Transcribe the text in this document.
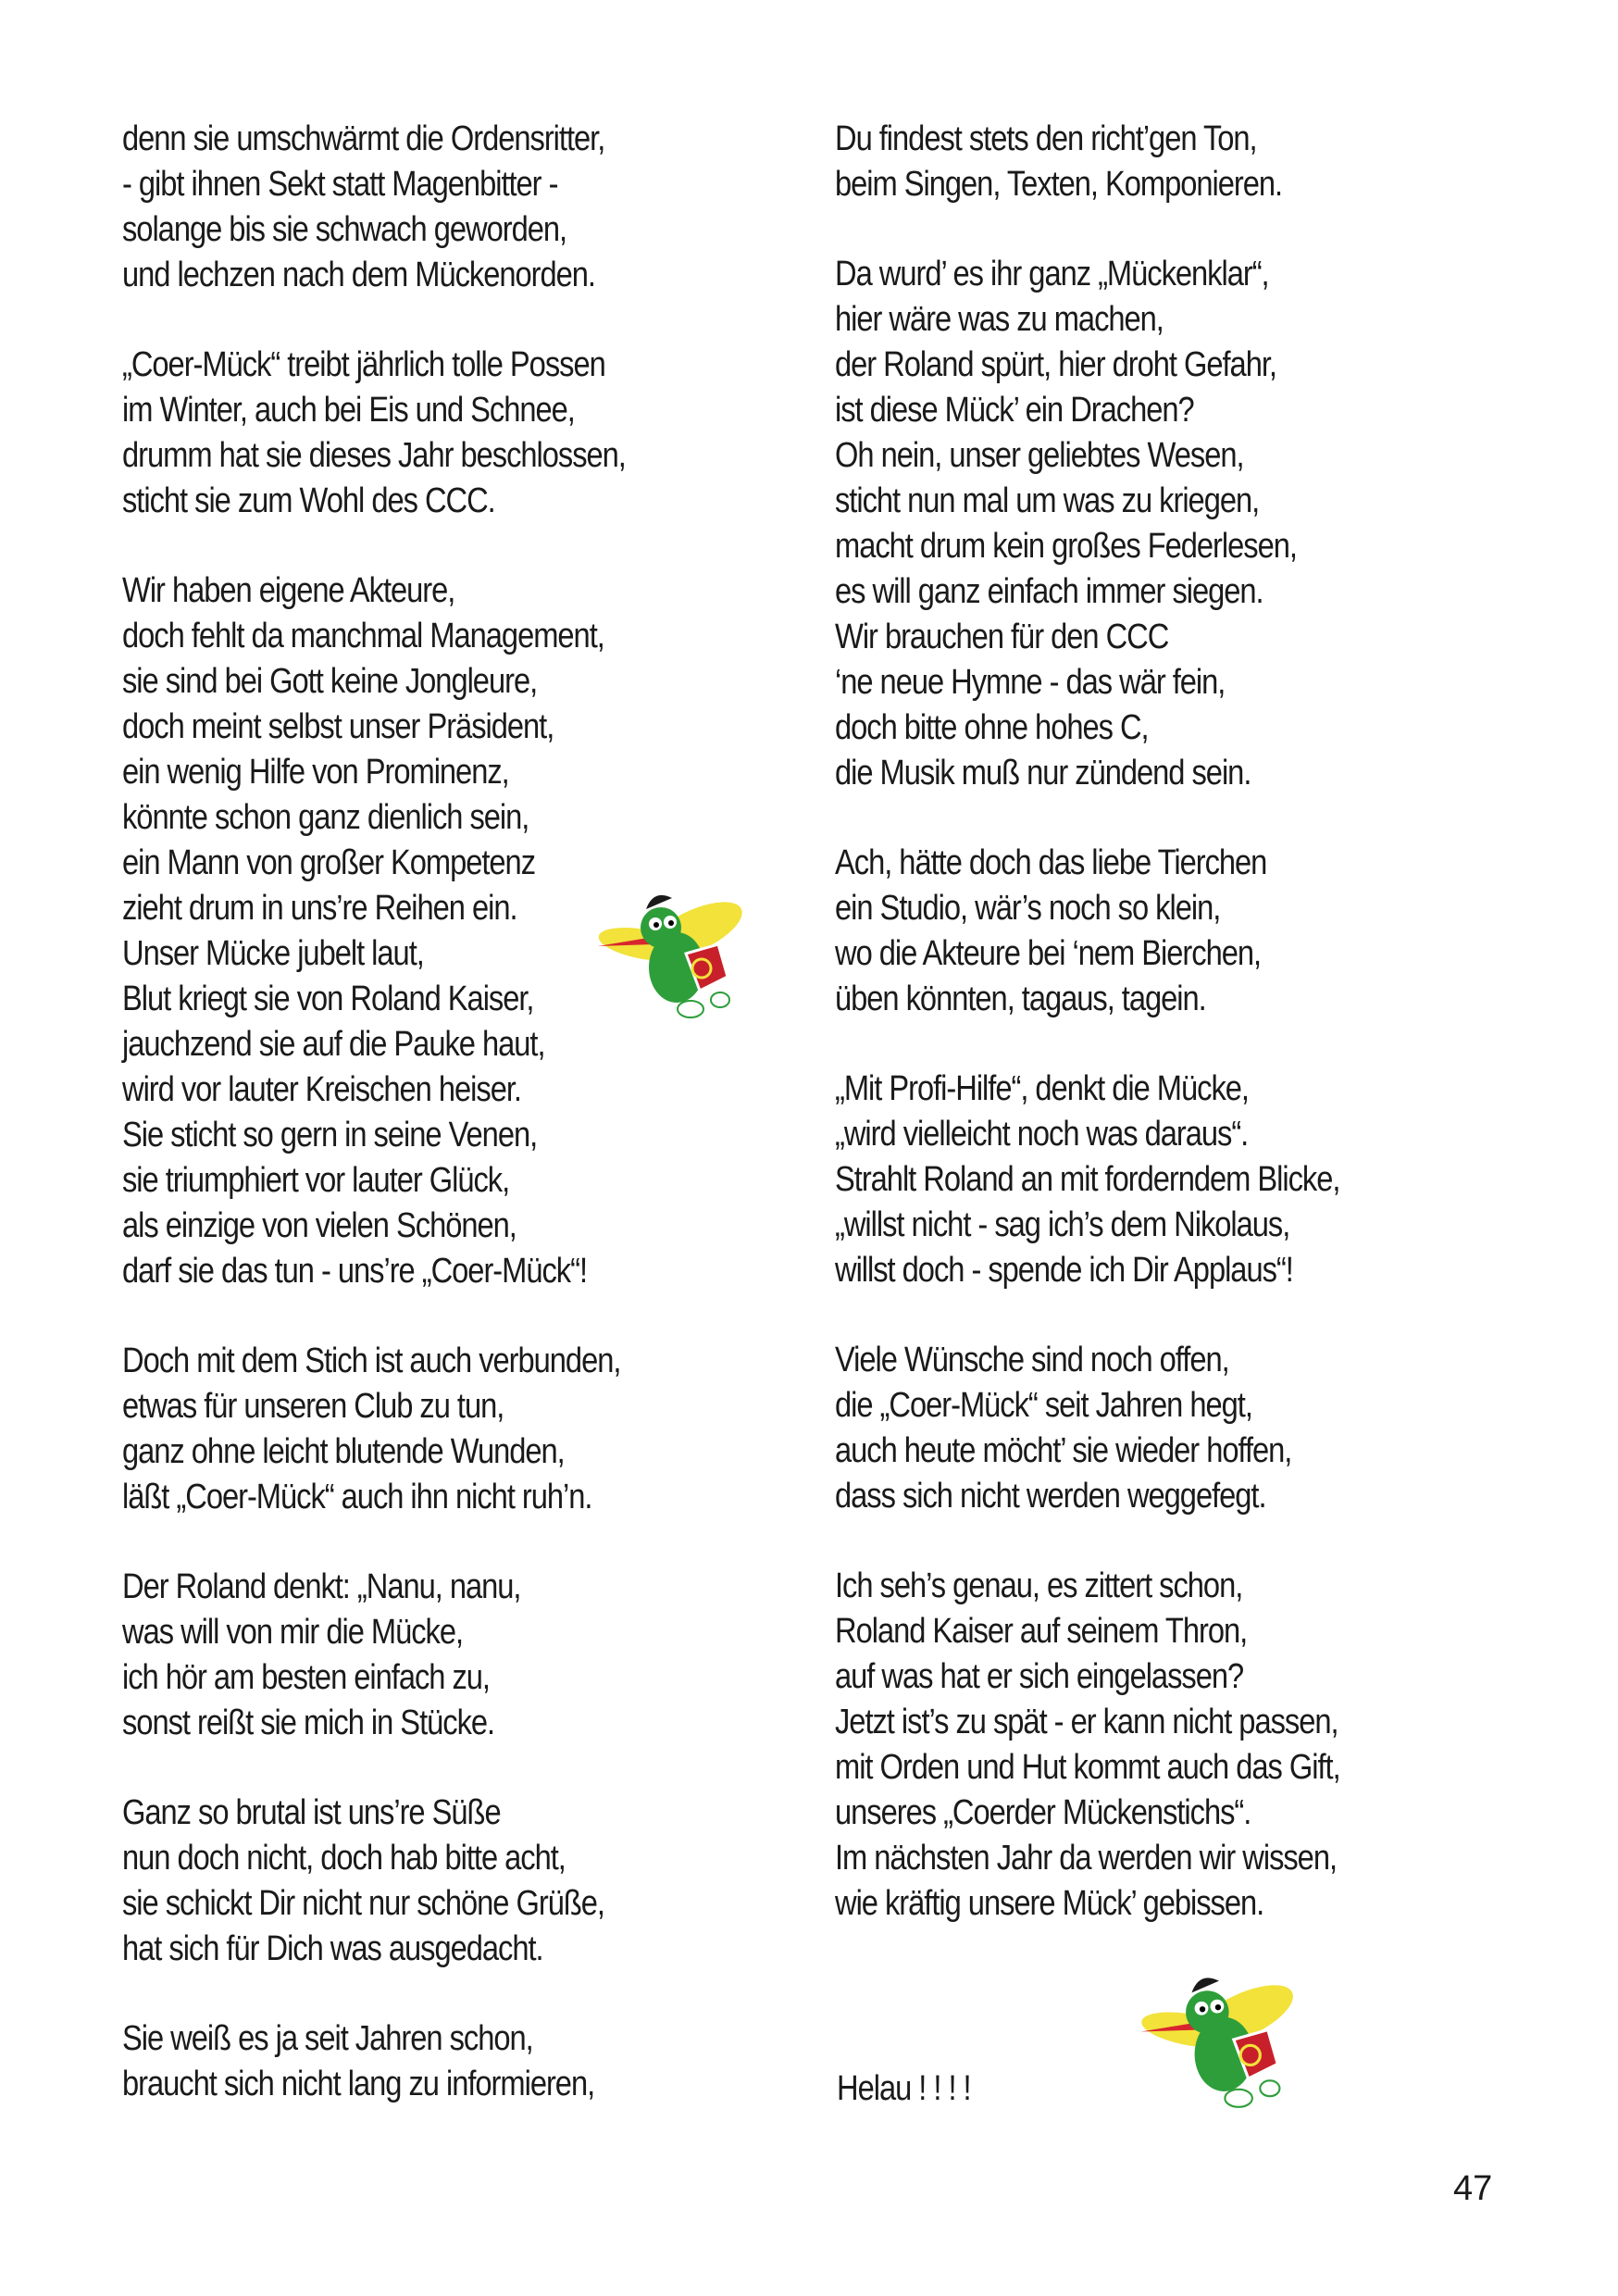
denn sie umschwärmt die Ordensritter,
- gibt ihnen Sekt statt Magenbitter -
solange bis sie schwach geworden,
und lechzen nach dem Mückenorden.
„Coer-Mück“ treibt jährlich tolle Possen
im Winter, auch bei Eis und Schnee,
drumm hat sie dieses Jahr beschlossen,
sticht sie zum Wohl des CCC.
Wir haben eigene Akteure,
doch fehlt da manchmal Management,
sie sind bei Gott keine Jongleure,
doch meint selbst unser Präsident,
ein wenig Hilfe von Prominenz,
könnte schon ganz dienlich sein,
ein Mann von großer Kompetenz
zieht drum in uns’re Reihen ein.
Unser Mücke jubelt laut,
Blut kriegt sie von Roland Kaiser,
jauchzend sie auf die Pauke haut,
wird vor lauter Kreischen heiser.
Sie sticht so gern in seine Venen,
sie triumphiert vor lauter Glück,
als einzige von vielen Schönen,
darf sie das tun - uns’re „Coer-Mück“!
Doch mit dem Stich ist auch verbunden,
etwas für unseren Club zu tun,
ganz ohne leicht blutende Wunden,
läßt „Coer-Mück“ auch ihn nicht ruh’n.
Der Roland denkt: „Nanu, nanu,
was will von mir die Mücke,
ich hör am besten einfach zu,
sonst reißt sie mich in Stücke.
Ganz so brutal ist uns’re Süße
nun doch nicht, doch hab bitte acht,
sie schickt Dir nicht nur schöne Grüße,
hat sich für Dich was ausgedacht.
Sie weiß es ja seit Jahren schon,
braucht sich nicht lang zu informieren,
Du findest stets den richt’gen Ton,
beim Singen, Texten, Komponieren.
Da wurd’ es ihr ganz „Mückenklar“,
hier wäre was zu machen,
der Roland spürt, hier droht Gefahr,
ist diese Mück’ ein Drachen?
Oh nein, unser geliebtes Wesen,
sticht nun mal um was zu kriegen,
macht drum kein großes Federlesen,
es will ganz einfach immer siegen.
Wir brauchen für den CCC
‘ne neue Hymne - das wär fein,
doch bitte ohne hohes C,
die Musik muß nur zündend sein.
Ach, hätte doch das liebe Tierchen
ein Studio, wär’s noch so klein,
wo die Akteure bei ‘nem Bierchen,
üben könnten, tagaus, tagein.
„Mit Profi-Hilfe“, denkt die Mücke,
„wird vielleicht noch was daraus“.
Strahlt Roland an mit forderndem Blicke,
„willst nicht - sag ich’s dem Nikolaus,
willst doch - spende ich Dir Applaus“!
Viele Wünsche sind noch offen,
die „Coer-Mück“ seit Jahren hegt,
auch heute möcht’ sie wieder hoffen,
dass sich nicht werden weggefegt.
Ich seh’s genau, es zittert schon,
Roland Kaiser auf seinem Thron,
auf was hat er sich eingelassen?
Jetzt ist’s zu spät - er kann nicht passen,
mit Orden und Hut kommt auch das Gift,
unseres „Coerder Mückenstichs“.
Im nächsten Jahr da werden wir wissen,
wie kräftig unsere Mück’ gebissen.
Helau ! ! ! !
47
